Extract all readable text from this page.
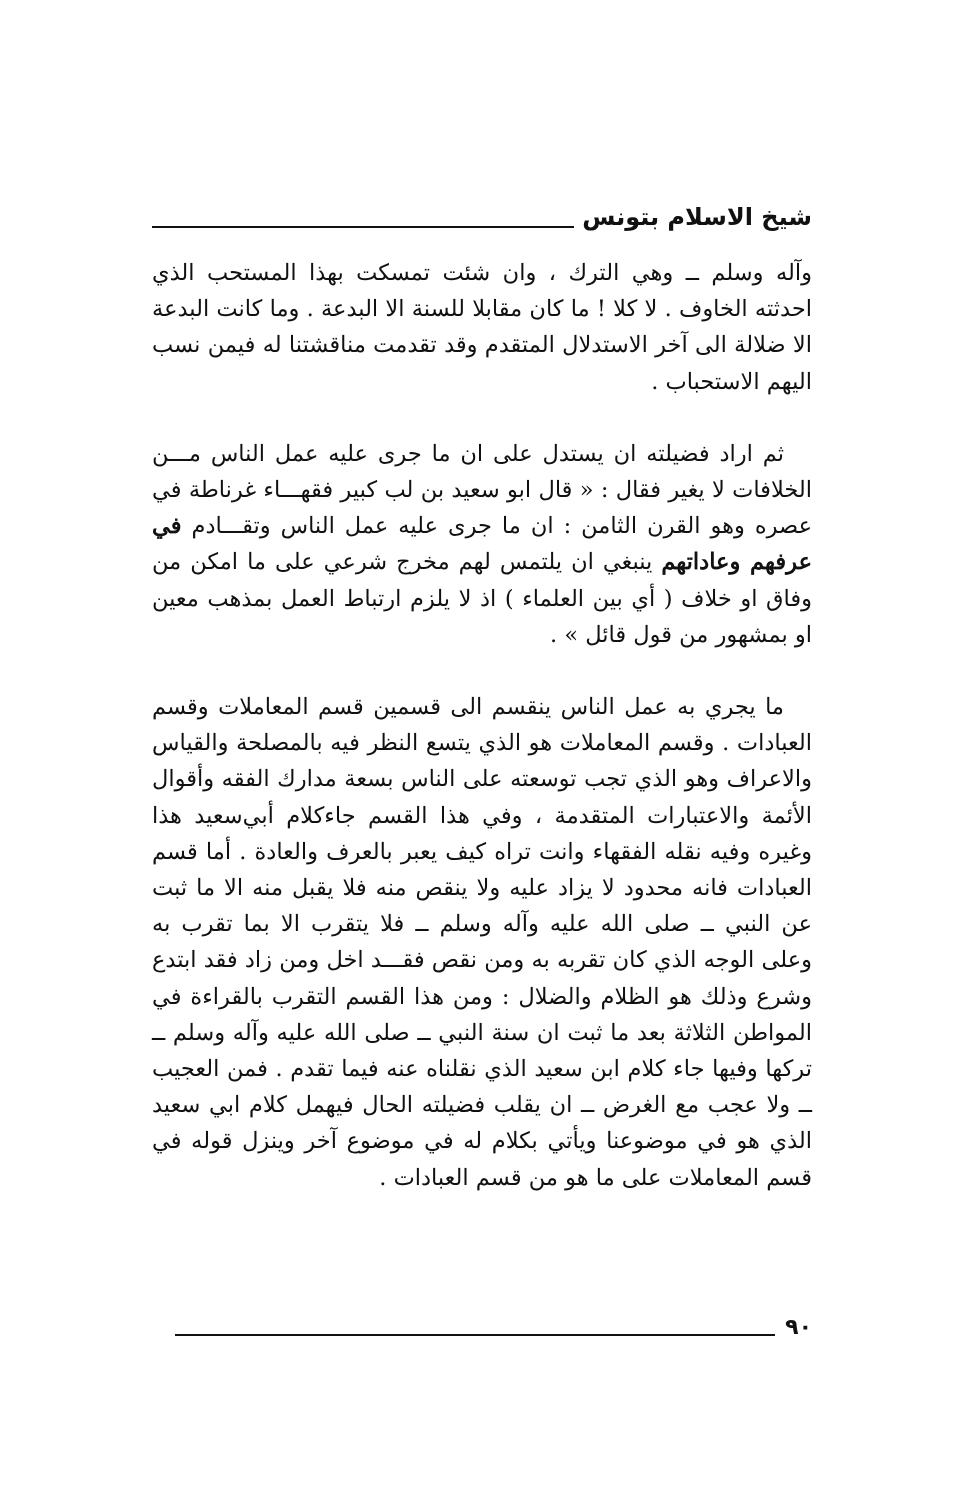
شيخ الاسلام بتونس

وآله وسلم ــ وهي الترك ، وان شئت تمسكت بهذا المستحب الذي احدثته الخاوف . لا كلا ! ما كان مقابلا للسنة الا البدعة . وما كانت البدعة الا ضلالة الى آخر الاستدلال المتقدم وقد تقدمت مناقشتنا له فيمن نسب اليهم الاستحباب .

ثم اراد فضيلته ان يستدل على ان ما جرى عليه عمل الناس مـــن الخلافات لا يغير فقال : « قال ابو سعيد بن لب كبير فقهـــاء غرناطة في عصره وهو القرن الثامن : ان ما جرى عليه عمل الناس وتقـــادم في عرفهم وعاداتهم ينبغي ان يلتمس لهم مخرج شرعي على ما امكن من وفاق او خلاف ( أي بين العلماء ) اذ لا يلزم ارتباط العمل بمذهب معين او بمشهور من قول قائل » .

ما يجري به عمل الناس ينقسم الى قسمين قسم المعاملات وقسم العبادات . وقسم المعاملات هو الذي يتسع النظر فيه بالمصلحة والقياس والاعراف وهو الذي تجب توسعته على الناس بسعة مدارك الفقه وأقوال الأئمة والاعتبارات المتقدمة ، وفي هذا القسم جاءكلام أبي‌سعيد هذا وغيره وفيه نقله الفقهاء وانت تراه كيف يعبر بالعرف والعادة . أما قسم العبادات فانه محدود لا يزاد عليه ولا ينقص منه فلا يقبل منه الا ما ثبت عن النبي ــ صلى الله عليه وآله وسلم ــ فلا يتقرب الا بما تقرب به وعلى الوجه الذي كان تقربه به ومن نقص فقـــد اخل ومن زاد فقد ابتدع وشرع وذلك هو الظلام والضلال : ومن هذا القسم التقرب بالقراءة في المواطن الثلاثة بعد ما ثبت ان سنة النبي ــ صلى الله عليه وآله وسلم ــ تركها وفيها جاء كلام ابن سعيد الذي نقلناه عنه فيما تقدم . فمن العجيب ــ ولا عجب مع الغرض ــ ان يقلب فضيلته الحال فيهمل كلام ابي سعيد الذي هو في موضوعنا ويأتي بكلام له في موضوع آخر وينزل قوله في قسم المعاملات على ما هو من قسم العبادات .

٩٠
